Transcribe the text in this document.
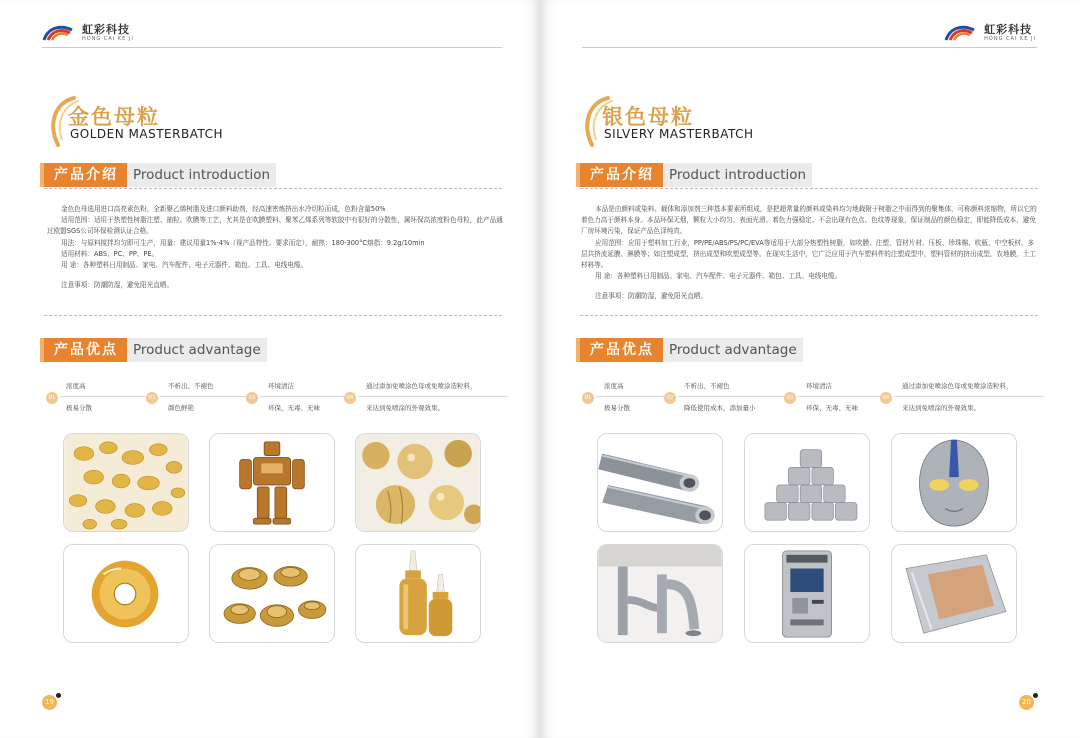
虹彩科技
HONG CAI KE JI
金色母粒
GOLDEN MASTERBATCH
产品介绍	Product introduction

金色色母选用进口高亮素色粉，全新聚乙烯树脂及进口颜料助剂，经高速密炼挤出水冷切粒而成，色粉含量50%

适用范围：适用于热塑性树脂注塑、抽粒、吹膜等工艺，尤其是在吹膜塑料、聚苯乙烯系列等软胶中有很好的分散性，属环保高浓度粉色母粒，此产品通过欧盟SGS公司环保检测认证合格。

用法：与原料搅拌均匀即可生产，用量：建议用量1%-4%（视产品特性、要求而定），耐热：180-300°C熔指：9.2g/10min

适用材料：ABS、PC、PP、PE。

用 途：各种塑料日用制品、家电、汽车配件、电子元器件、箱包、工具、电线电缆。

注意事项：防潮防湿，避免阳光直晒。

产品优点	Product advantage
01
浓度高
极易分散
02
不析出、不褪色
颜色鲜艳
03
环境清洁
环保、无毒、无味
04
通过添加免喷涂色母或免喷涂造粒料，
来达到免喷涂的外观效果。
19
虹彩科技
HONG CAI KE JI
银色母粒
SILVERY MASTERBATCH
产品介绍	Product introduction

本品是由颜料或染料、载体和添加剂三种基本要素所组成，是把超常量的颜料或染料均匀地载附于树脂之中而得到的聚集体，可称颜料浓缩物，所以它的着色力高于颜料本身。本品环保无烟，颗粒大小均匀、表面光滑、着色力强稳定、不会出现有色点、色纹等现象，保证制品的颜色稳定，即能降低成本，避免厂房环境污染，保证产品色泽纯真。

应用范围：应用于塑料加工行业，PP/PE/ABS/PS/PC/EVA等适用于大部分热塑性树脂，如吹膜、注塑、管材片材、压板、珍珠棉、吹瓶、中空板材、多层共挤流延膜、淋膜等；如注塑成型，挤出成型和吹塑成型等。在现实生活中，它广泛应用于汽车塑料件的注塑成型中，塑料管材的挤出成型，农地膜，土工材料等。

用 途：各种塑料日用制品、家电、汽车配件、电子元器件、箱包、工具、电线电缆。

注意事项：防潮防湿，避免阳光直晒。

产品优点	Product advantage
01
浓度高
极易分散
02
不析出、不褪色
降低使用成本，添加量小
03
环境清洁
环保、无毒、无味
04
通过添加免喷涂色母或免喷涂造粒料，
来达到免喷涂的外观效果。
20
